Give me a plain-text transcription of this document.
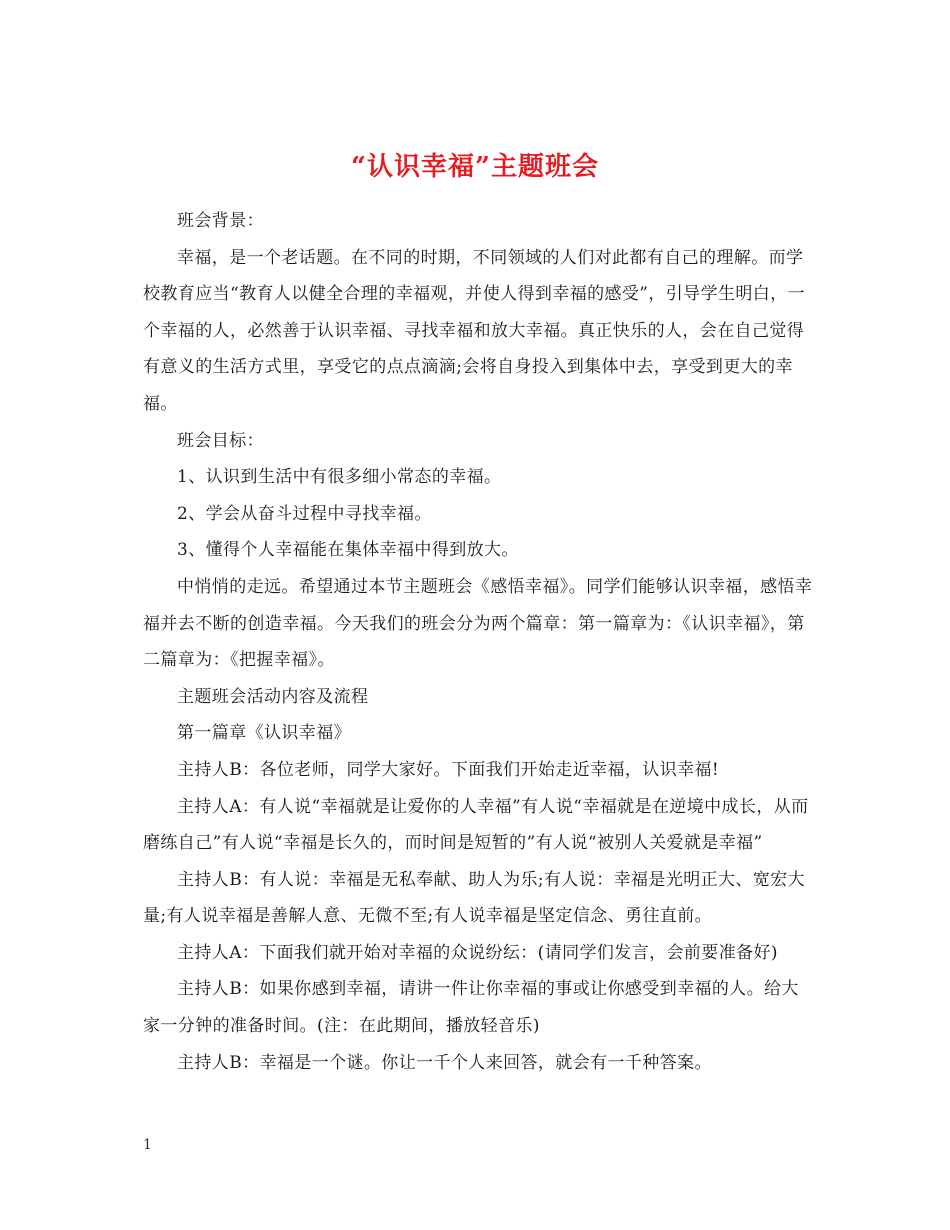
“认识幸福”主题班会

班会背景：

幸福，是一个老话题。在不同的时期，不同领域的人们对此都有自己的理解。而学校教育应当“教育人以健全合理的幸福观，并使人得到幸福的感受”，引导学生明白，一个幸福的人，必然善于认识幸福、寻找幸福和放大幸福。真正快乐的人，会在自己觉得有意义的生活方式里，享受它的点点滴滴;会将自身投入到集体中去，享受到更大的幸福。

班会目标：

1、认识到生活中有很多细小常态的幸福。

2、学会从奋斗过程中寻找幸福。

3、懂得个人幸福能在集体幸福中得到放大。

中悄悄的走远。希望通过本节主题班会《感悟幸福》。同学们能够认识幸福，感悟幸福并去不断的创造幸福。今天我们的班会分为两个篇章：第一篇章为：《认识幸福》，第二篇章为：《把握幸福》。

主题班会活动内容及流程

第一篇章《认识幸福》

主持人B：各位老师，同学大家好。下面我们开始走近幸福，认识幸福!

主持人A：有人说“幸福就是让爱你的人幸福”有人说“幸福就是在逆境中成长，从而磨练自己”有人说“幸福是长久的，而时间是短暂的”有人说“被别人关爱就是幸福”

主持人B：有人说：幸福是无私奉献、助人为乐;有人说：幸福是光明正大、宽宏大量;有人说幸福是善解人意、无微不至;有人说幸福是坚定信念、勇往直前。

主持人A：下面我们就开始对幸福的众说纷纭：(请同学们发言，会前要准备好)

主持人B：如果你感到幸福，请讲一件让你幸福的事或让你感受到幸福的人。给大家一分钟的准备时间。(注：在此期间，播放轻音乐)

主持人B：幸福是一个谜。你让一千个人来回答，就会有一千种答案。

1
